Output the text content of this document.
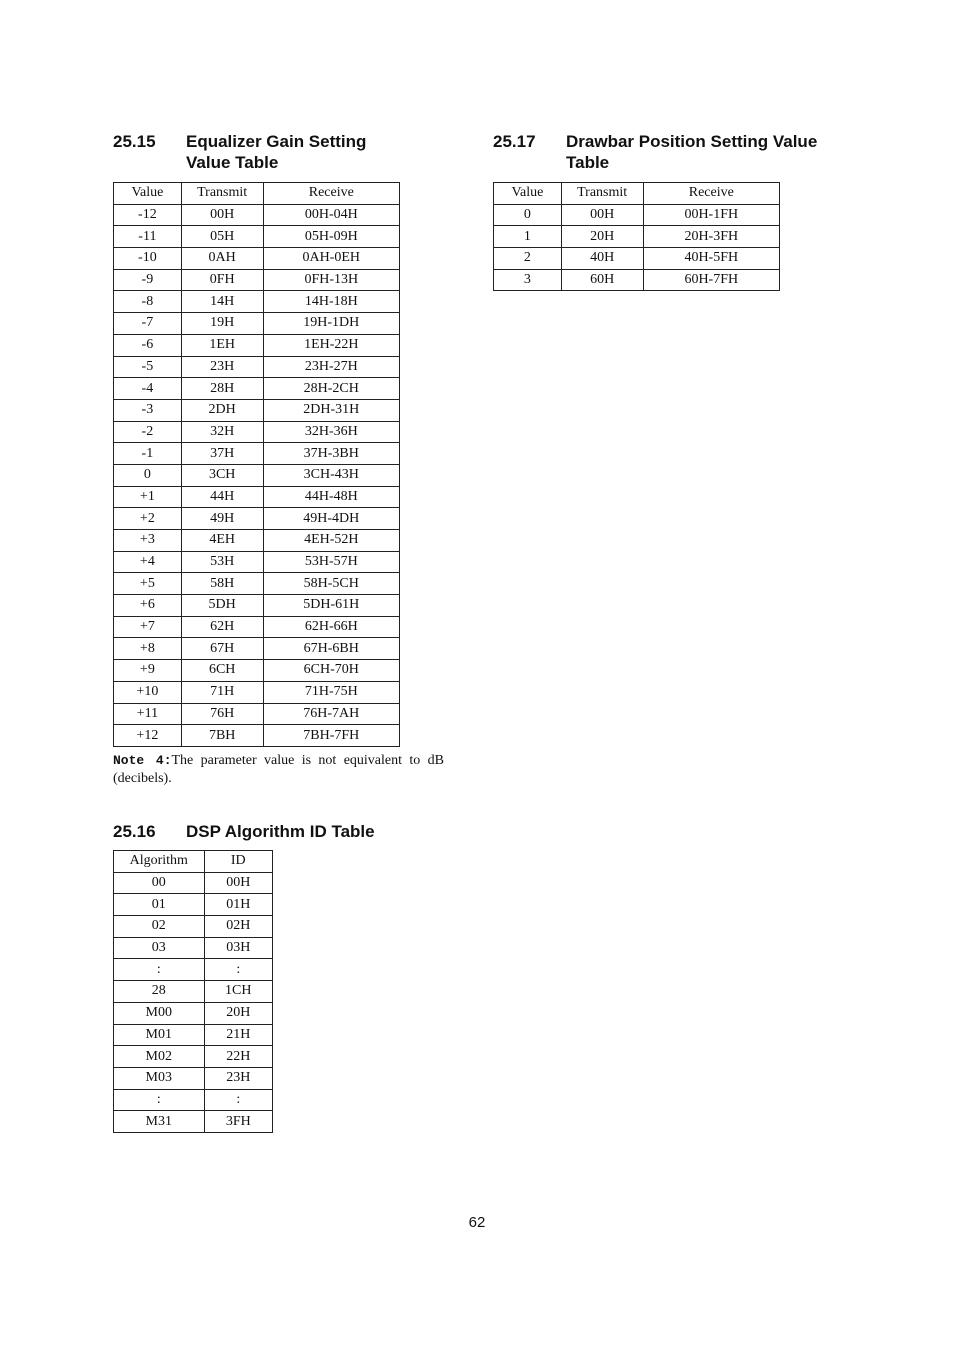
25.15	Equalizer Gain Setting Value Table
Value	Transmit	Receive
-12	00H	00H-04H
-11	05H	05H-09H
-10	0AH	0AH-0EH
-9	0FH	0FH-13H
-8	14H	14H-18H
-7	19H	19H-1DH
-6	1EH	1EH-22H
-5	23H	23H-27H
-4	28H	28H-2CH
-3	2DH	2DH-31H
-2	32H	32H-36H
-1	37H	37H-3BH
0	3CH	3CH-43H
+1	44H	44H-48H
+2	49H	49H-4DH
+3	4EH	4EH-52H
+4	53H	53H-57H
+5	58H	58H-5CH
+6	5DH	5DH-61H
+7	62H	62H-66H
+8	67H	67H-6BH
+9	6CH	6CH-70H
+10	71H	71H-75H
+11	76H	76H-7AH
+12	7BH	7BH-7FH
Note 4:The parameter value is not equivalent to dB (decibels).
25.16	DSP Algorithm ID Table
Algorithm	ID
00	00H
01	01H
02	02H
03	03H
:	:
28	1CH
M00	20H
M01	21H
M02	22H
M03	23H
:	:
M31	3FH
25.17	Drawbar Position Setting Value Table
Value	Transmit	Receive
0	00H	00H-1FH
1	20H	20H-3FH
2	40H	40H-5FH
3	60H	60H-7FH
62
